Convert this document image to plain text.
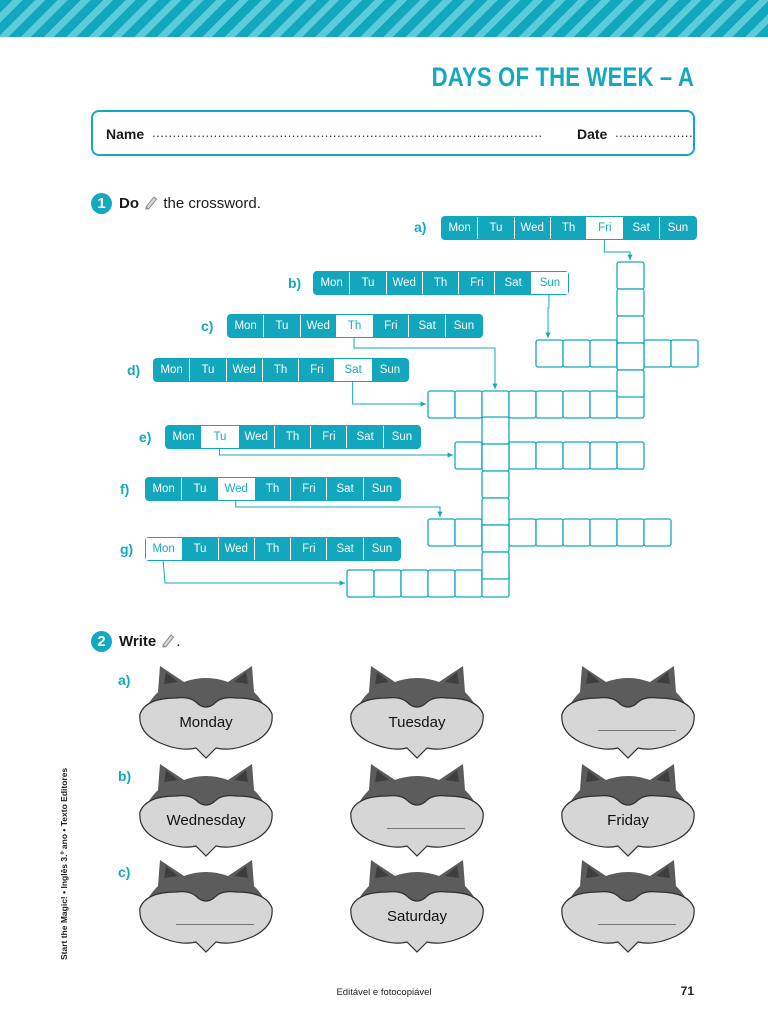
DAYS OF THE WEEK – A
Name ...............................................................................................	Date ...................
1 Do  the crossword.
a)	Mon	Tu	Wed	Th	Fri	Sat	Sun
b)	Mon	Tu	Wed	Th	Fri	Sat	Sun
c)	Mon	Tu	Wed	Th	Fri	Sat	Sun
d)	Mon	Tu	Wed	Th	Fri	Sat	Sun
e)	Mon	Tu	Wed	Th	Fri	Sat	Sun
f)	Mon	Tu	Wed	Th	Fri	Sat	Sun
g)	Mon	Tu	Wed	Th	Fri	Sat	Sun
2 Write .
a)
Monday	Tuesday
b)
Wednesday	Friday
c)
Saturday
Start the Magic! • Inglês 3.º ano • Texto Editores
Editável e fotocopiável	71
